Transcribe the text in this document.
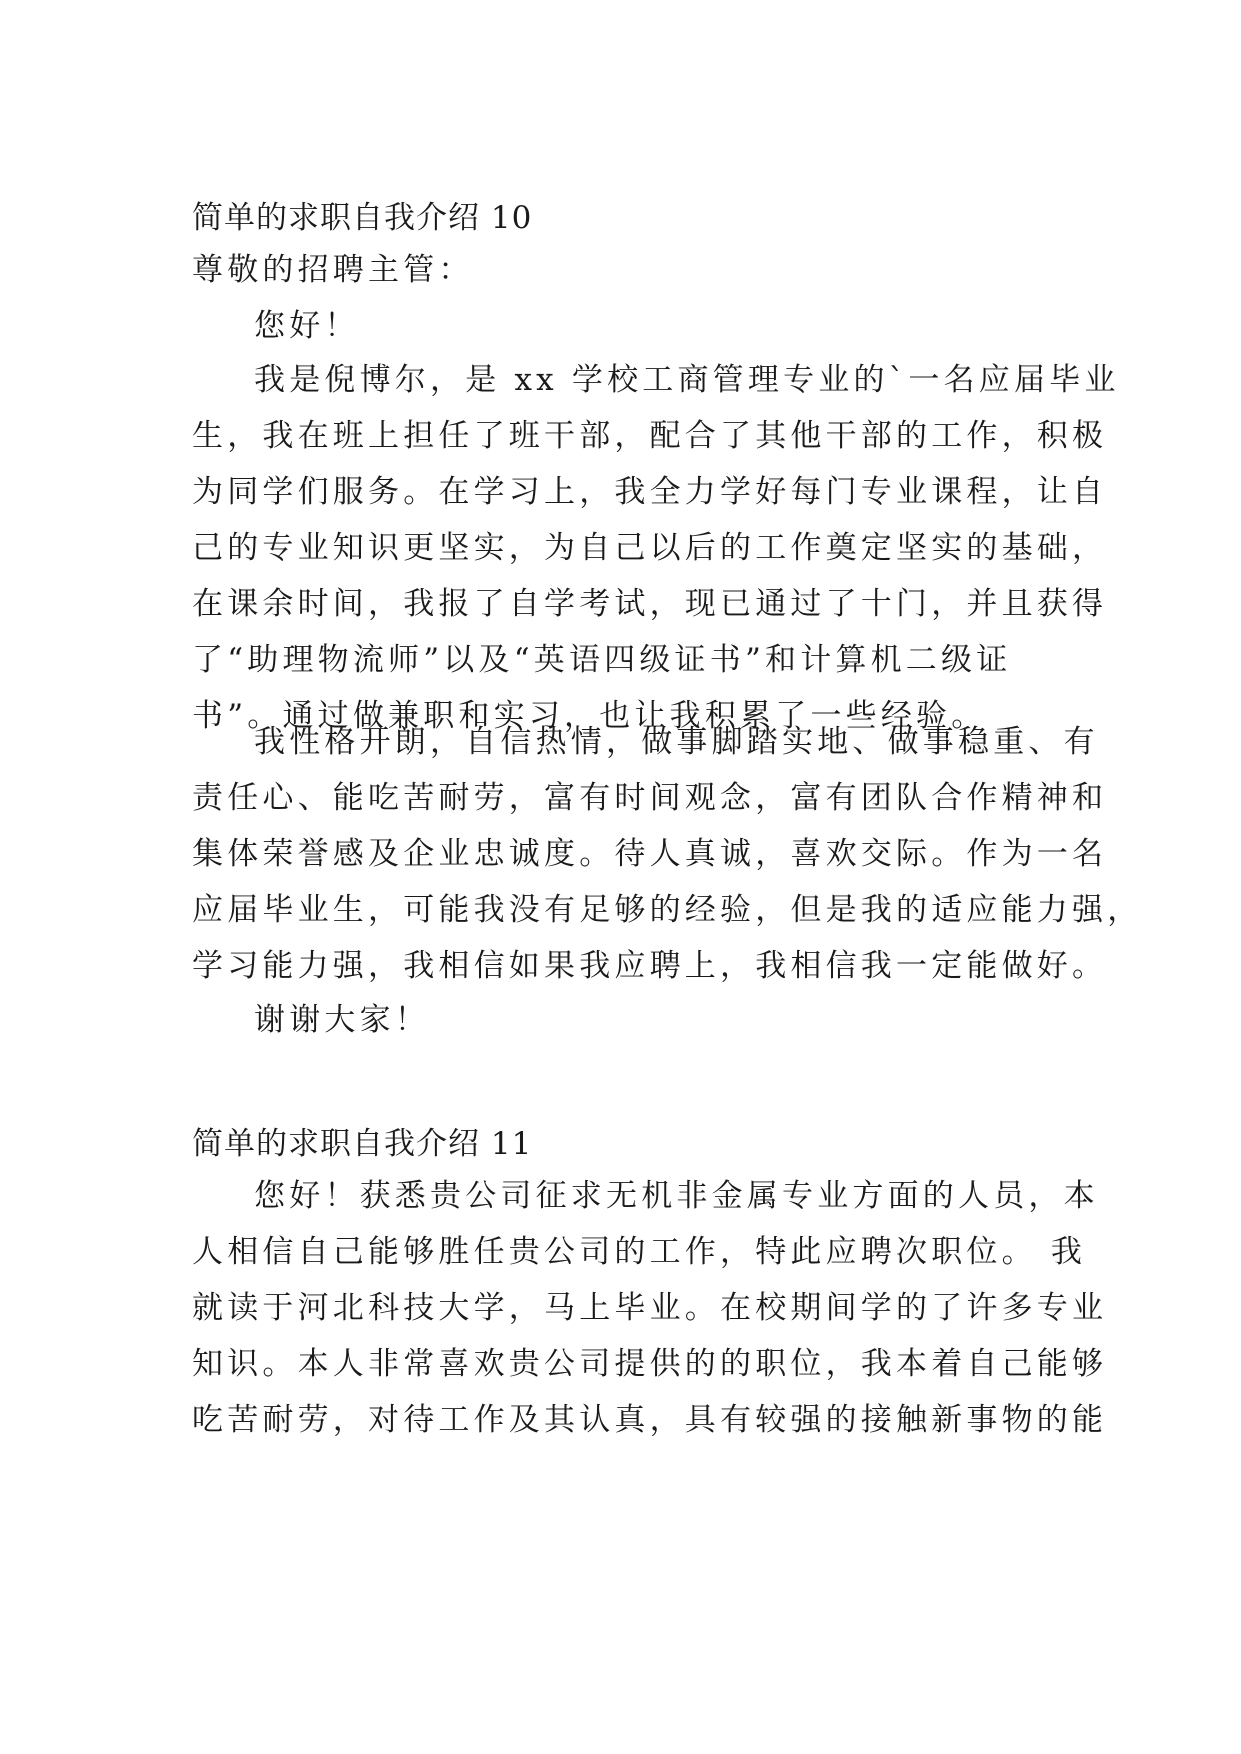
简单的求职自我介绍 10
尊敬的招聘主管：
您好！
我是倪博尔，是 xx 学校工商管理专业的`一名应届毕业
生，我在班上担任了班干部，配合了其他干部的工作，积极
为同学们服务。在学习上，我全力学好每门专业课程，让自
己的专业知识更坚实，为自己以后的工作奠定坚实的基础，
在课余时间，我报了自学考试，现已通过了十门，并且获得
了“助理物流师”以及“英语四级证书”和计算机二级证
书”。通过做兼职和实习，也让我积累了一些经验。
我性格开朗，自信热情，做事脚踏实地、做事稳重、有
责任心、能吃苦耐劳，富有时间观念，富有团队合作精神和
集体荣誉感及企业忠诚度。待人真诚，喜欢交际。作为一名
应届毕业生，可能我没有足够的经验，但是我的适应能力强，
学习能力强，我相信如果我应聘上，我相信我一定能做好。
谢谢大家！
简单的求职自我介绍 11
您好！获悉贵公司征求无机非金属专业方面的人员，本
人相信自己能够胜任贵公司的工作，特此应聘次职位。 我
就读于河北科技大学，马上毕业。在校期间学的了许多专业
知识。本人非常喜欢贵公司提供的的职位，我本着自己能够
吃苦耐劳，对待工作及其认真，具有较强的接触新事物的能
